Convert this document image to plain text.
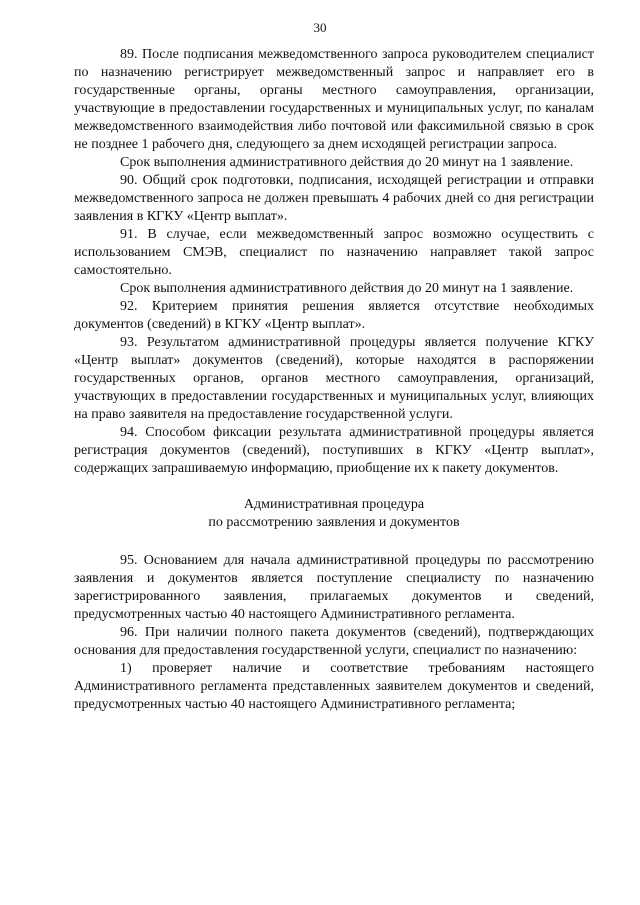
30

89. После подписания межведомственного запроса руководителем специалист по назначению регистрирует межведомственный запрос и направляет его в государственные органы, органы местного самоуправления, организации, участвующие в предоставлении государственных и муниципальных услуг, по каналам межведомственного взаимодействия либо почтовой или факсимильной связью в срок не позднее 1 рабочего дня, следующего за днем исходящей регистрации запроса.

Срок выполнения административного действия до 20 минут на 1 заявление.

90. Общий срок подготовки, подписания, исходящей регистрации и отправки межведомственного запроса не должен превышать 4 рабочих дней со дня регистрации заявления в КГКУ «Центр выплат».

91. В случае, если межведомственный запрос возможно осуществить с использованием СМЭВ, специалист по назначению направляет такой запрос самостоятельно.

Срок выполнения административного действия до 20 минут на 1 заявление.

92. Критерием принятия решения является отсутствие необходимых документов (сведений) в КГКУ «Центр выплат».

93. Результатом административной процедуры является получение КГКУ «Центр выплат» документов (сведений), которые находятся в распоряжении государственных органов, органов местного самоуправления, организаций, участвующих в предоставлении государственных и муниципальных услуг, влияющих на право заявителя на предоставление государственной услуги.

94. Способом фиксации результата административной процедуры является регистрация документов (сведений), поступивших в КГКУ «Центр выплат», содержащих запрашиваемую информацию, приобщение их к пакету документов.

Административная процедура
по рассмотрению заявления и документов

95. Основанием для начала административной процедуры по рассмотрению заявления и документов является поступление специалисту по назначению зарегистрированного заявления, прилагаемых документов и сведений, предусмотренных частью 40 настоящего Административного регламента.

96. При наличии полного пакета документов (сведений), подтверждающих основания для предоставления государственной услуги, специалист по назначению:

1) проверяет наличие и соответствие требованиям настоящего Административного регламента представленных заявителем документов и сведений, предусмотренных частью 40 настоящего Административного регламента;
